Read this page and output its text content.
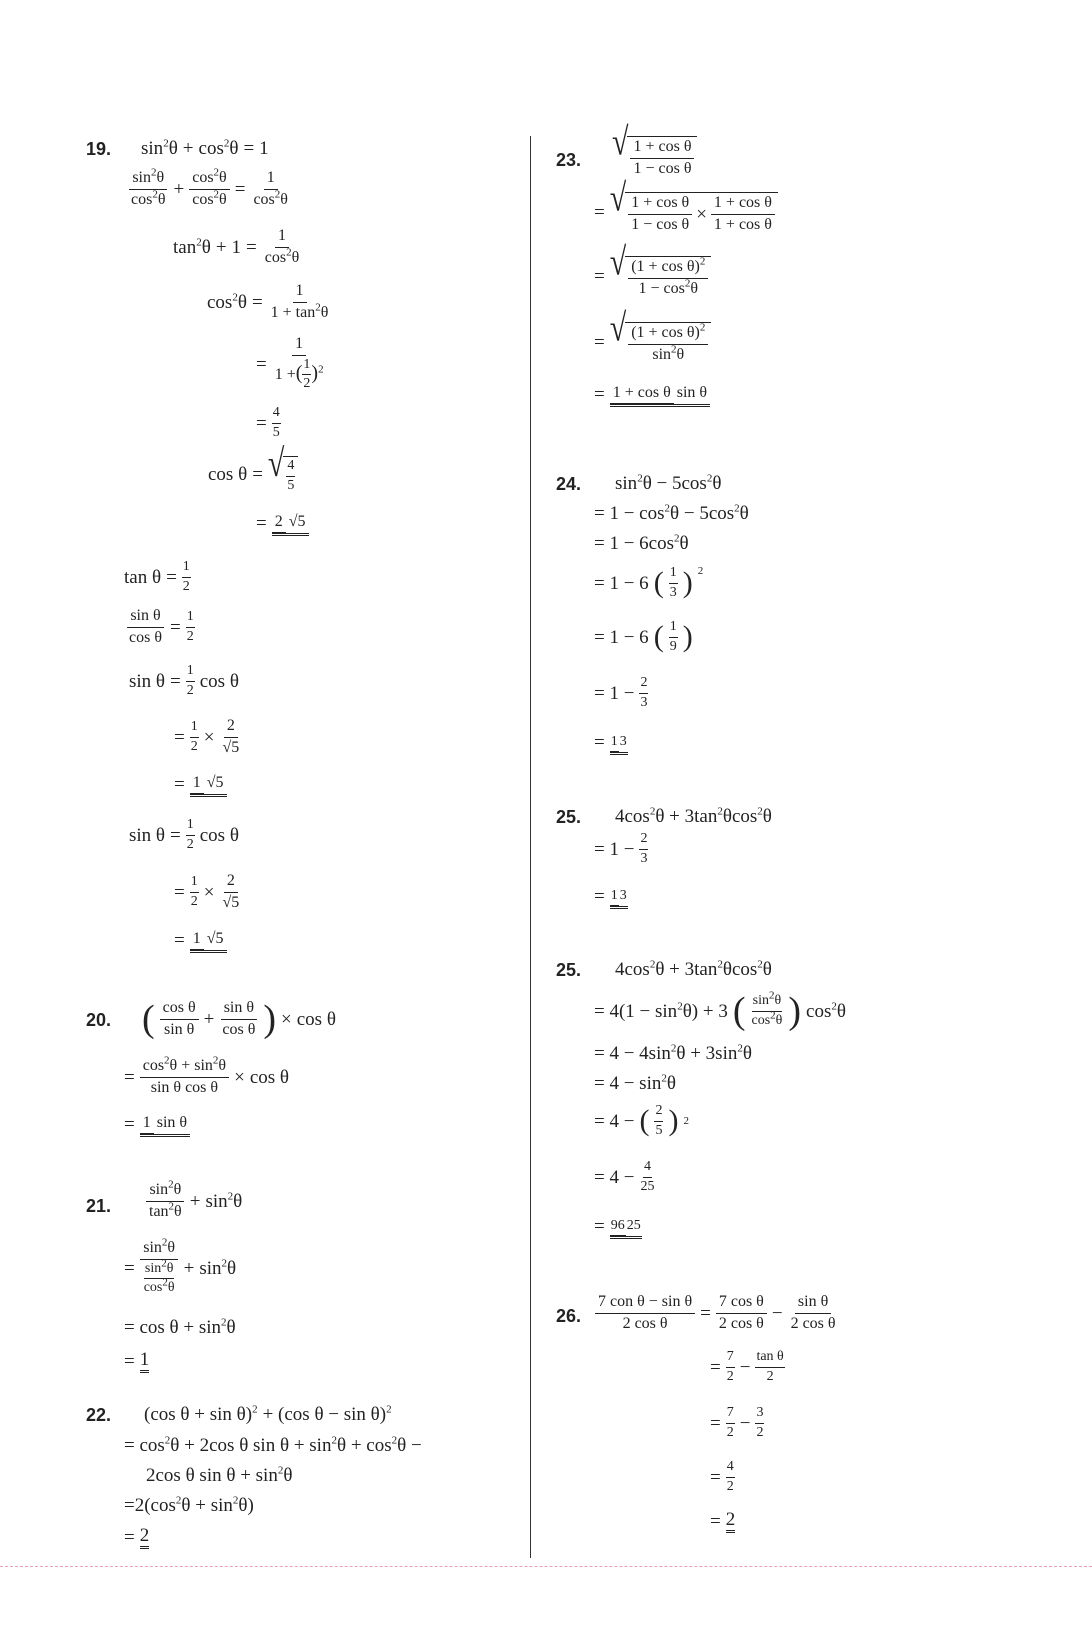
19. $\sin^2\theta + \cos^2\theta = 1$
$\frac{\sin^2\theta}{\cos^2\theta} + \frac{\cos^2\theta}{\cos^2\theta} = \frac{1}{\cos^2\theta}$
$\tan^2\theta + 1 = \frac{1}{\cos^2\theta}$
$\cos^2\theta = \frac{1}{1 + \tan^2\theta}$
= $\frac{1}{1 +( \frac{1}{2} )^2}$
= $\frac{4}{5}$
cos θ = √ $\frac{4}{5}$
= 2 √5
$\tan \theta = \frac{1}{2}$
$\frac{\text{sin θ}}{\text{cos θ}} = \frac{1}{2}$
$\sin \theta = \frac{1}{2}$ cos θ
= $\frac{1}{2} \times \frac{2}{√5}$
= 1 √5
$\sin \theta = \frac{1}{2}$ cos θ
= $\frac{1}{2} \times \frac{2}{√5}$
= 1 √5
20. ( $\frac{\text{cos θ}}{\text{sin θ}} + \frac{\text{sin θ}}{\text{cos θ}}$ ) × cos θ
= $\frac{\cos^2\theta + \sin^2\theta}{\text{sin θ cos θ}} \times \cos \theta$
= 1 sin θ
21. $\frac{\sin^2\theta}{\tan^2\theta} + \sin^2\theta$
= $\frac{\sin^2\theta}{\frac{\sin^2\theta}{\cos^2\theta}} + \sin^2\theta$
= $\cos \theta + \sin^2\theta$
= 1
22. (cos θ + sin θ)$^2$ + (cos θ − sin θ)$^2$
= $\cos^2\theta + 2\cos$ θ $\sin \theta + \sin^2\theta + \cos^2\theta$ −
2cos θ $\sin \theta + \sin^2\theta$
$=2(\cos^2\theta + \sin^2\theta)$
= 2
23. √ $\frac{\text{1 + cos θ}}{\text{1 − cos θ}}$
= √ $\frac{\text{1 + cos θ}}{\text{1 − cos θ}} \times \frac{\text{1 + cos θ}}{\text{1 + cos θ}}$
= √ $\frac{(1 + \cos \theta)^2}{1 - \cos^2\theta}$
= √ $\frac{(1 + \cos \theta)^2}{\sin^2\theta}$
= 1 + cos θ sin θ
24. $\sin^2\theta - 5\cos^2\theta$
= $1 - \cos^2\theta - 5\cos^2\theta$
= $1 - 6\cos^2\theta$
= 1 − 6 ( $\frac{1}{3}$ ) 2
= 1 − 6 ( $\frac{1}{9}$ )
= $1 - \frac{2}{3}$
= 1 3
25. $4\cos^2\theta + 3\tan^2\theta\cos^2\theta$
= $1 - \frac{2}{3}$
= 1 3
25. $4\cos^2\theta + 3\tan^2\theta\cos^2\theta$
= $4(1 - \sin^2\theta) + 3$ ( $\frac{\sin^2\theta}{\cos^2\theta}$ ) $\cos^2\theta$
= $4 - 4\sin^2\theta + 3\sin^2\theta$
= $4 - \sin^2\theta$
= 4 − ( $\frac{2}{5}$ ) 2
= $4 - \frac{4}{25}$
= 96 25
26. $\frac{\text{7 con θ − sin θ}}{\text{2 cos θ}} = \frac{\text{7 cos θ}}{\text{2 cos θ}} - \frac{\text{sin θ}}{\text{2 cos θ}}$
= $\frac{7}{2} - \frac{\text{tan θ}}{2}$
= $\frac{7}{2} - \frac{3}{2}$
= $\frac{4}{2}$
= 2
